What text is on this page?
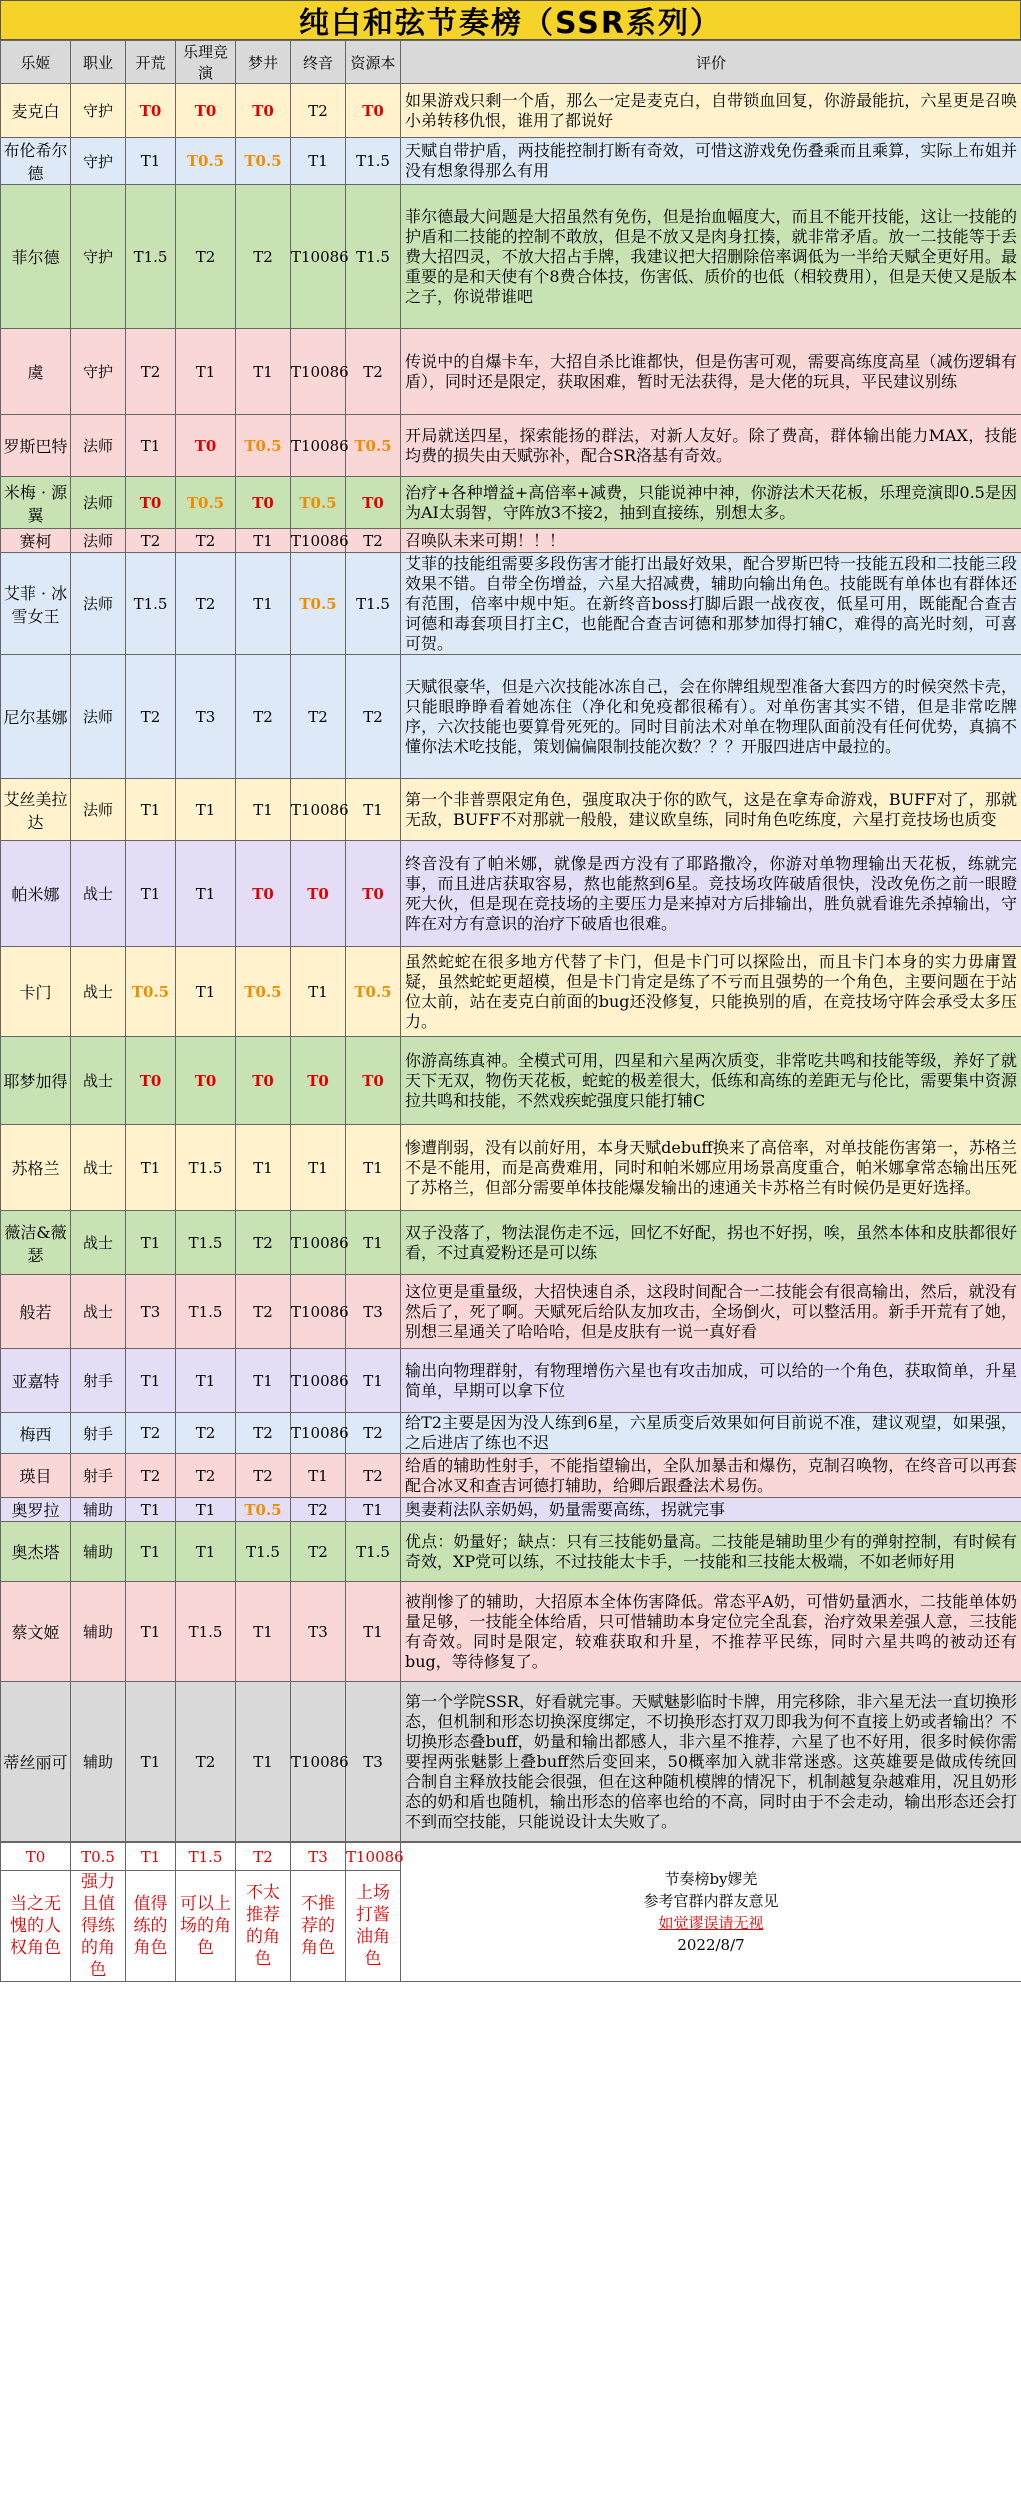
纯白和弦节奏榜（SSR系列）
乐姬	职业	开荒	乐理竞演	梦井	终音	资源本	评价
麦克白	守护	T0	T0	T0	T2	T0	如果游戏只剩一个盾，那么一定是麦克白，自带锁血回复，你游最能抗，六星更是召唤小弟转移仇恨，谁用了都说好
布伦希尔德	守护	T1	T0.5	T0.5	T1	T1.5	天赋自带护盾，两技能控制打断有奇效，可惜这游戏免伤叠乘而且乘算，实际上布姐并没有想象得那么有用
菲尔德	守护	T1.5	T2	T2	T10086	T1.5	菲尔德最大问题是大招虽然有免伤，但是抬血幅度大，而且不能开技能，这让一技能的护盾和二技能的控制不敢放，但是不放又是肉身扛揍，就非常矛盾。放一二技能等于丢费大招四灵，不放大招占手牌，我建议把大招删除倍率调低为一半给天赋全更好用。最重要的是和天使有个8费合体技，伤害低、质价的也低（相较费用），但是天使又是版本之子，你说带谁吧
虞	守护	T2	T1	T1	T10086	T2	传说中的自爆卡车，大招自杀比谁都快，但是伤害可观，需要高练度高星（减伤逻辑有盾），同时还是限定，获取困难，暂时无法获得，是大佬的玩具，平民建议别练
罗斯巴特	法师	T1	T0	T0.5	T10086	T0.5	开局就送四星，探索能扬的群法，对新人友好。除了费高，群体输出能力MAX，技能均费的损失由天赋弥补，配合SR洛基有奇效。
米梅 · 源翼	法师	T0	T0.5	T0	T0.5	T0	治疗+各种增益+高倍率+减费，只能说神中神，你游法术天花板，乐理竞演即0.5是因为AI太弱智，守阵放3不接2，抽到直接练，别想太多。
赛柯	法师	T2	T2	T1	T10086	T2	召唤队未来可期！！！
艾菲 · 冰雪女王	法师	T1.5	T2	T1	T0.5	T1.5	艾菲的技能组需要多段伤害才能打出最好效果，配合罗斯巴特一技能五段和二技能三段效果不错。自带全伤增益，六星大招减费，辅助向输出角色。技能既有单体也有群体还有范围，倍率中规中矩。在新终音boss打脚后跟一战夜夜，低星可用，既能配合查吉诃德和毒套项目打主C，也能配合查吉诃德和那梦加得打辅C，难得的高光时刻，可喜可贺。
尼尔基娜	法师	T2	T3	T2	T2	T2	天赋很豪华，但是六次技能冰冻自己，会在你牌组规型准备大套四方的时候突然卡壳，只能眼睁睁看着她冻住（净化和免疫都很稀有）。对单伤害其实不错，但是非常吃牌序，六次技能也要算骨死死的。同时目前法术对单在物理队面前没有任何优势，真搞不懂你法术吃技能，策划偏偏限制技能次数？？？开服四进店中最拉的。
艾丝美拉达	法师	T1	T1	T1	T10086	T1	第一个非普票限定角色，强度取决于你的欧气，这是在拿寿命游戏，BUFF对了，那就无敌，BUFF不对那就一般般，建议欧皇练，同时角色吃练度，六星打竞技场也质变
帕米娜	战士	T1	T1	T0	T0	T0	终音没有了帕米娜，就像是西方没有了耶路撒冷，你游对单物理输出天花板，练就完事，而且进店获取容易，熬也能熬到6星。竞技场攻阵破盾很快，没改免伤之前一眼瞪死大伙，但是现在竞技场的主要压力是来掉对方后排输出，胜负就看谁先杀掉输出，守阵在对方有意识的治疗下破盾也很难。
卡门	战士	T0.5	T1	T0.5	T1	T0.5	虽然蛇蛇在很多地方代替了卡门，但是卡门可以探险出，而且卡门本身的实力毋庸置疑，虽然蛇蛇更超模，但是卡门肯定是练了不亏而且强势的一个角色，主要问题在于站位太前，站在麦克白前面的bug还没修复，只能换别的盾，在竞技场守阵会承受太多压力。
耶梦加得	战士	T0	T0	T0	T0	T0	你游高练真神。全模式可用，四星和六星两次质变，非常吃共鸣和技能等级，养好了就天下无双，物伤天花板，蛇蛇的极差很大，低练和高练的差距无与伦比，需要集中资源拉共鸣和技能，不然戏疾蛇强度只能打辅C
苏格兰	战士	T1	T1.5	T1	T1	T1	惨遭削弱，没有以前好用，本身天赋debuff换来了高倍率，对单技能伤害第一，苏格兰不是不能用，而是高费难用，同时和帕米娜应用场景高度重合，帕米娜拿常态输出压死了苏格兰，但部分需要单体技能爆发输出的速通关卡苏格兰有时候仍是更好选择。
薇洁&薇瑟	战士	T1	T1.5	T2	T10086	T1	双子没落了，物法混伤走不远，回忆不好配，拐也不好拐，唉，虽然本体和皮肤都很好看，不过真爱粉还是可以练
般若	战士	T3	T1.5	T2	T10086	T3	这位更是重量级，大招快速自杀，这段时间配合一二技能会有很高输出，然后，就没有然后了，死了啊。天赋死后给队友加攻击，全场倒火，可以整活用。新手开荒有了她，别想三星通关了哈哈哈，但是皮肤有一说一真好看
亚嘉特	射手	T1	T1	T1	T10086	T1	输出向物理群射，有物理增伤六星也有攻击加成，可以给的一个角色，获取简单，升星简单，早期可以拿下位
梅西	射手	T2	T2	T2	T10086	T2	给T2主要是因为没人练到6星，六星质变后效果如何目前说不准，建议观望，如果强，之后进店了练也不迟
瑛目	射手	T2	T2	T2	T1	T2	给盾的辅助性射手，不能指望输出，全队加暴击和爆伤，克制召唤物，在终音可以再套配合冰叉和查吉诃德打辅助，给卿后跟叠法术易伤。
奥罗拉	辅助	T1	T1	T0.5	T2	T1	奥妻莉法队亲奶妈，奶量需要高练，拐就完事
奥杰塔	辅助	T1	T1	T1.5	T2	T1.5	优点：奶量好；缺点：只有三技能奶量高。二技能是辅助里少有的弹射控制，有时候有奇效，XP党可以练，不过技能太卡手，一技能和三技能太极端，不如老师好用
蔡文姬	辅助	T1	T1.5	T1	T3	T1	被削惨了的辅助，大招原本全体伤害降低。常态平A奶，可惜奶量洒水，二技能单体奶量足够，一技能全体给盾，只可惜辅助本身定位完全乱套，治疗效果差强人意，三技能有奇效。同时是限定，较难获取和升星，不推荐平民练，同时六星共鸣的被动还有bug，等待修复了。
蒂丝丽可	辅助	T1	T2	T1	T10086	T3	第一个学院SSR，好看就完事。天赋魅影临时卡牌，用完移除，非六星无法一直切换形态，但机制和形态切换深度绑定，不切换形态打双刀即我为何不直接上奶或者输出？不切换形态叠buff，奶量和输出都感人，非六星不推荐，六星了也不好用，很多时候你需要捏两张魅影上叠buff然后变回来，50概率加入就非常迷惑。这英雄要是做成传统回合制自主释放技能会很强，但在这种随机模牌的情况下，机制越复杂越难用，况且奶形态的奶和盾也随机，输出形态的倍率也给的不高，同时由于不会走动，输出形态还会打不到而空技能，只能说设计太失败了。
T0	T0.5	T1	T1.5	T2	T3	T10086	节奏榜by嫪羌
参考官群内群友意见
如觉谬误请无视
2022/8/7

当之无愧的人权角色	强力且值得练的角色	值得练的角色	可以上场的角色	不太推荐的角色	不推荐的角色	上场打酱油角色	
